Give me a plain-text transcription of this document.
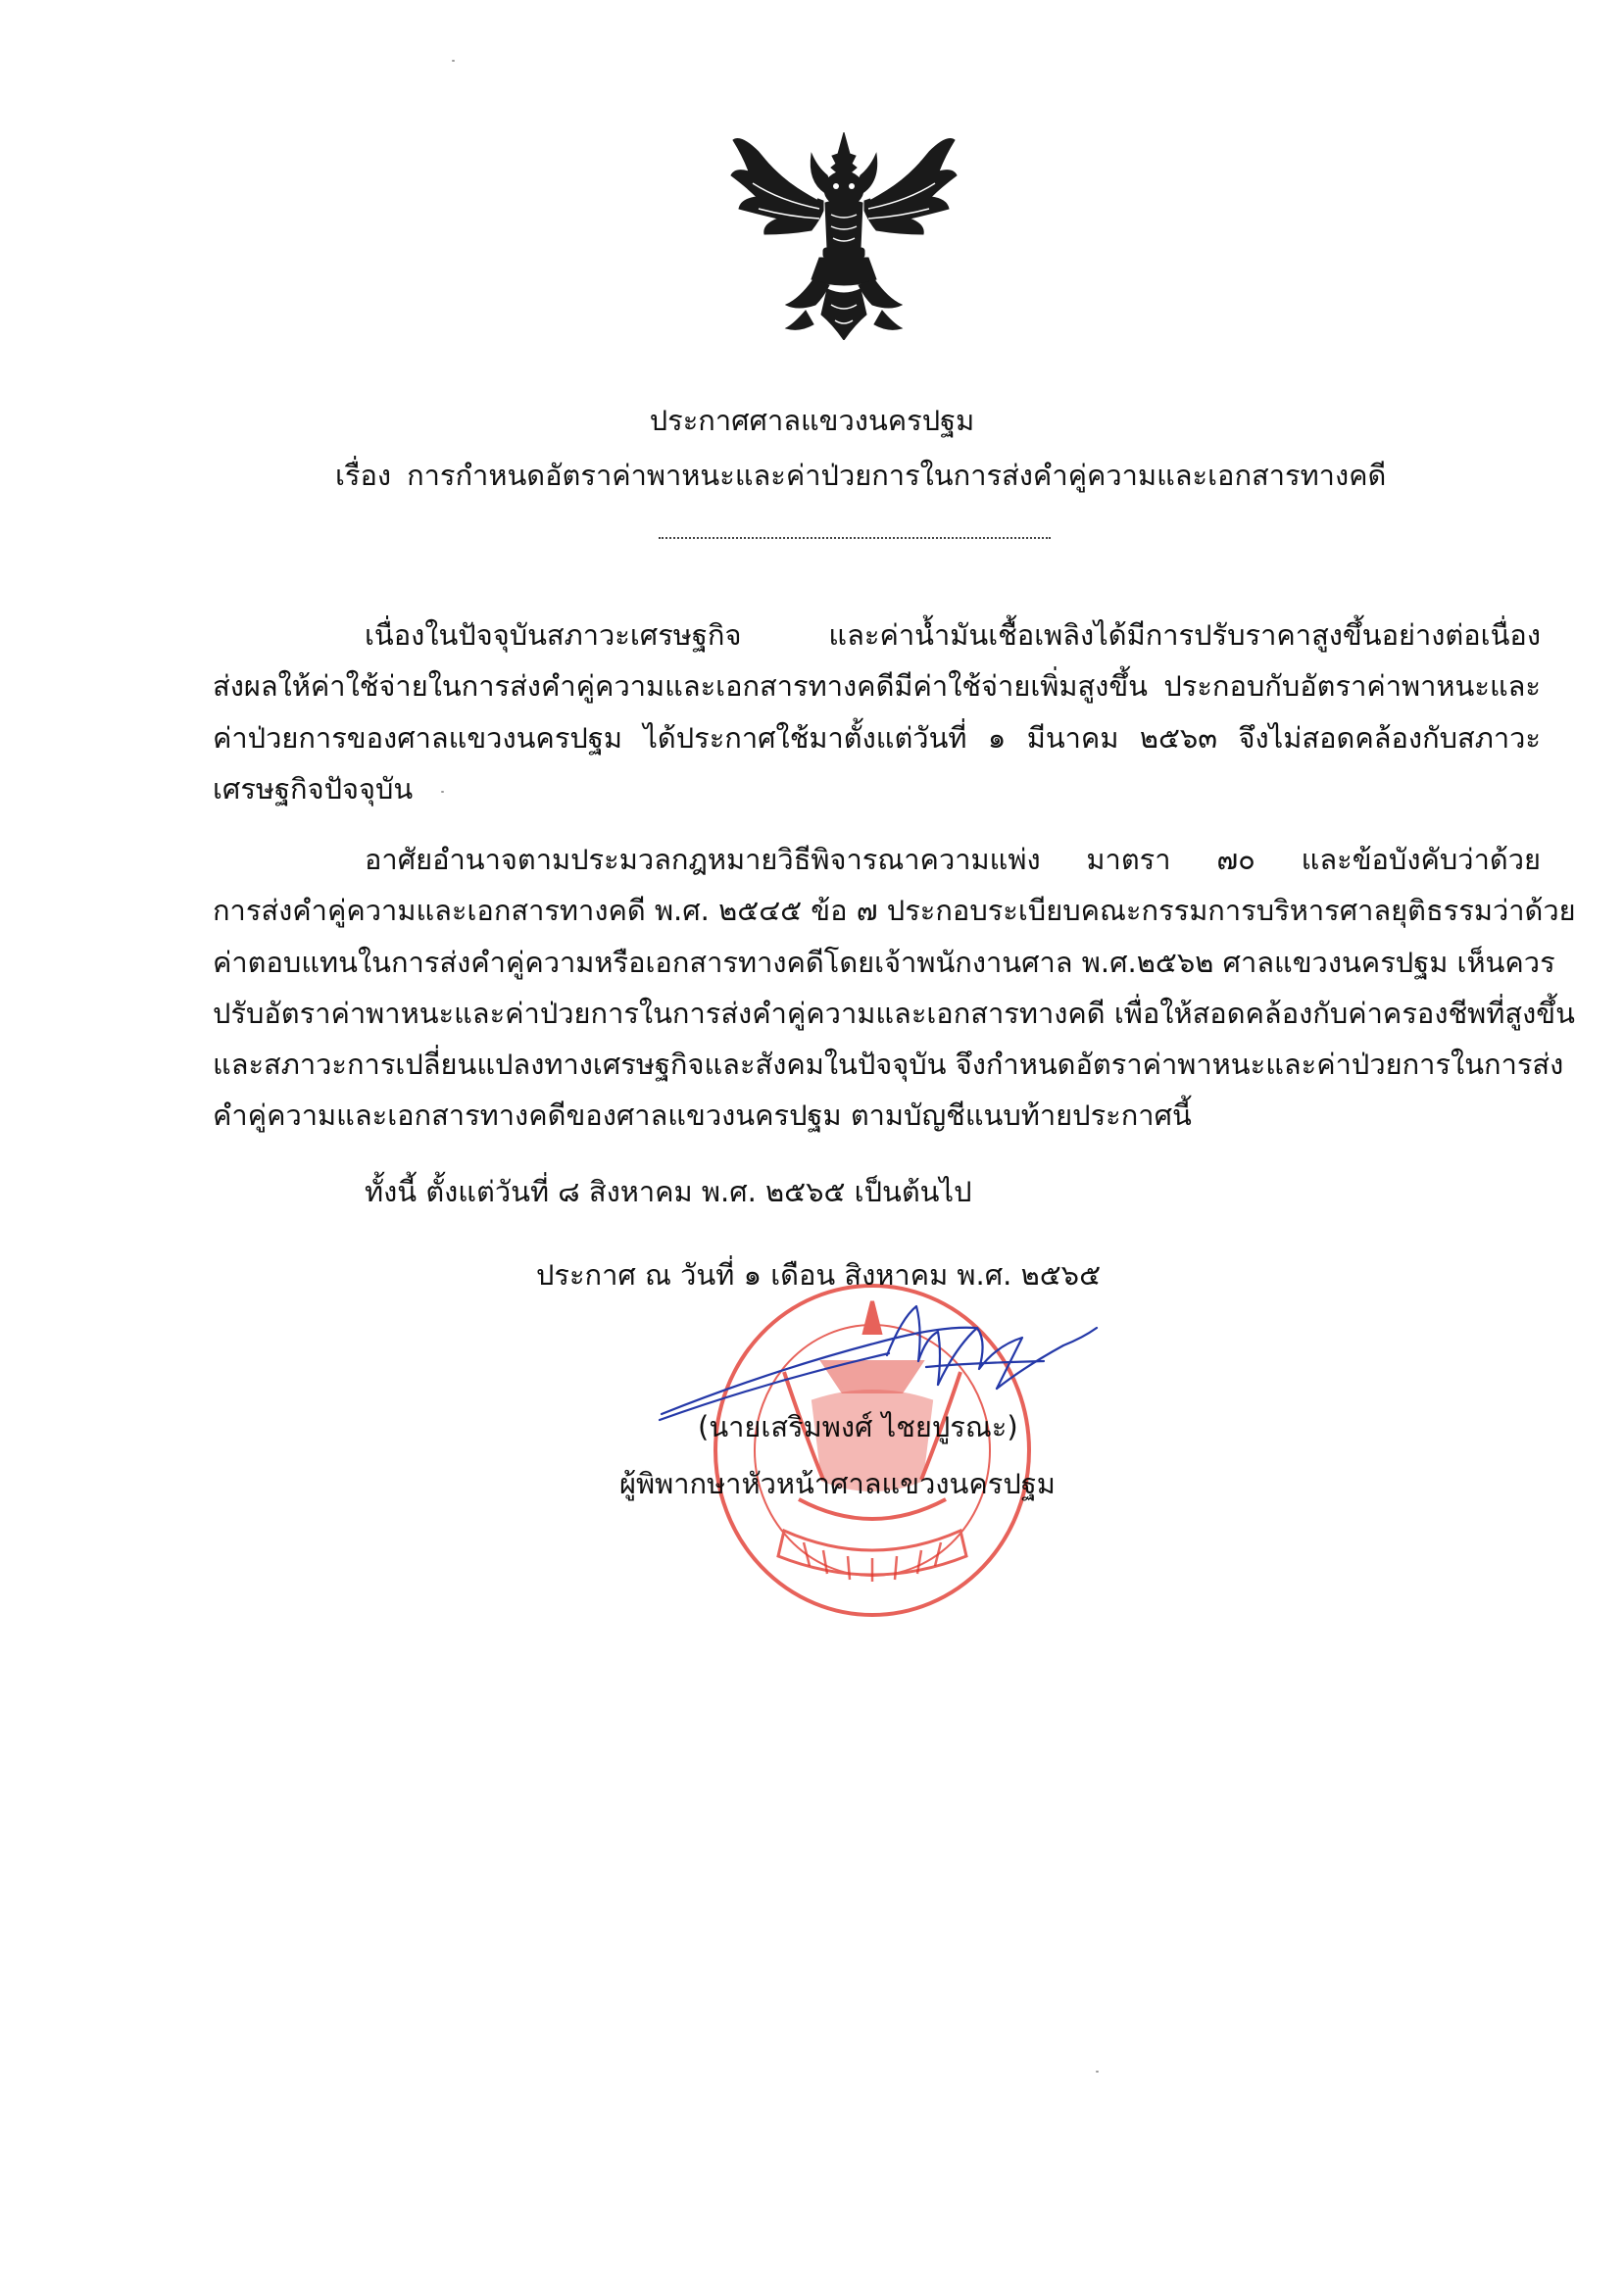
ประกาศศาลแขวงนครปฐม
เรื่อง การกำหนดอัตราค่าพาหนะและค่าป่วยการในการส่งคำคู่ความและเอกสารทางคดี
เนื่องในปัจจุบันสภาวะเศรษฐกิจ และค่าน้ำมันเชื้อเพลิงได้มีการปรับราคาสูงขึ้นอย่างต่อเนื่อง
ส่งผลให้ค่าใช้จ่ายในการส่งคำคู่ความและเอกสารทางคดีมีค่าใช้จ่ายเพิ่มสูงขึ้น ประกอบกับอัตราค่าพาหนะและ
ค่าป่วยการของศาลแขวงนครปฐม ได้ประกาศใช้มาตั้งแต่วันที่ ๑ มีนาคม ๒๕๖๓ จึงไม่สอดคล้องกับสภาวะ
เศรษฐกิจปัจจุบัน
อาศัยอำนาจตามประมวลกฎหมายวิธีพิจารณาความแพ่ง มาตรา ๗๐ และข้อบังคับว่าด้วย
การส่งคำคู่ความและเอกสารทางคดี พ.ศ. ๒๕๔๕ ข้อ ๗ ประกอบระเบียบคณะกรรมการบริหารศาลยุติธรรมว่าด้วย
ค่าตอบแทนในการส่งคำคู่ความหรือเอกสารทางคดีโดยเจ้าพนักงานศาล พ.ศ.๒๕๖๒ ศาลแขวงนครปฐม เห็นควร
ปรับอัตราค่าพาหนะและค่าป่วยการในการส่งคำคู่ความและเอกสารทางคดี เพื่อให้สอดคล้องกับค่าครองชีพที่สูงขึ้น
และสภาวะการเปลี่ยนแปลงทางเศรษฐกิจและสังคมในปัจจุบัน จึงกำหนดอัตราค่าพาหนะและค่าป่วยการในการส่ง
คำคู่ความและเอกสารทางคดีของศาลแขวงนครปฐม ตามบัญชีแนบท้ายประกาศนี้
ทั้งนี้ ตั้งแต่วันที่ ๘ สิงหาคม พ.ศ. ๒๕๖๕ เป็นต้นไป
ประกาศ ณ วันที่ ๑ เดือน สิงหาคม พ.ศ. ๒๕๖๕
(นายเสริมพงศ์ ไชยปูรณะ)
ผู้พิพากษาหัวหน้าศาลแขวงนครปฐม
